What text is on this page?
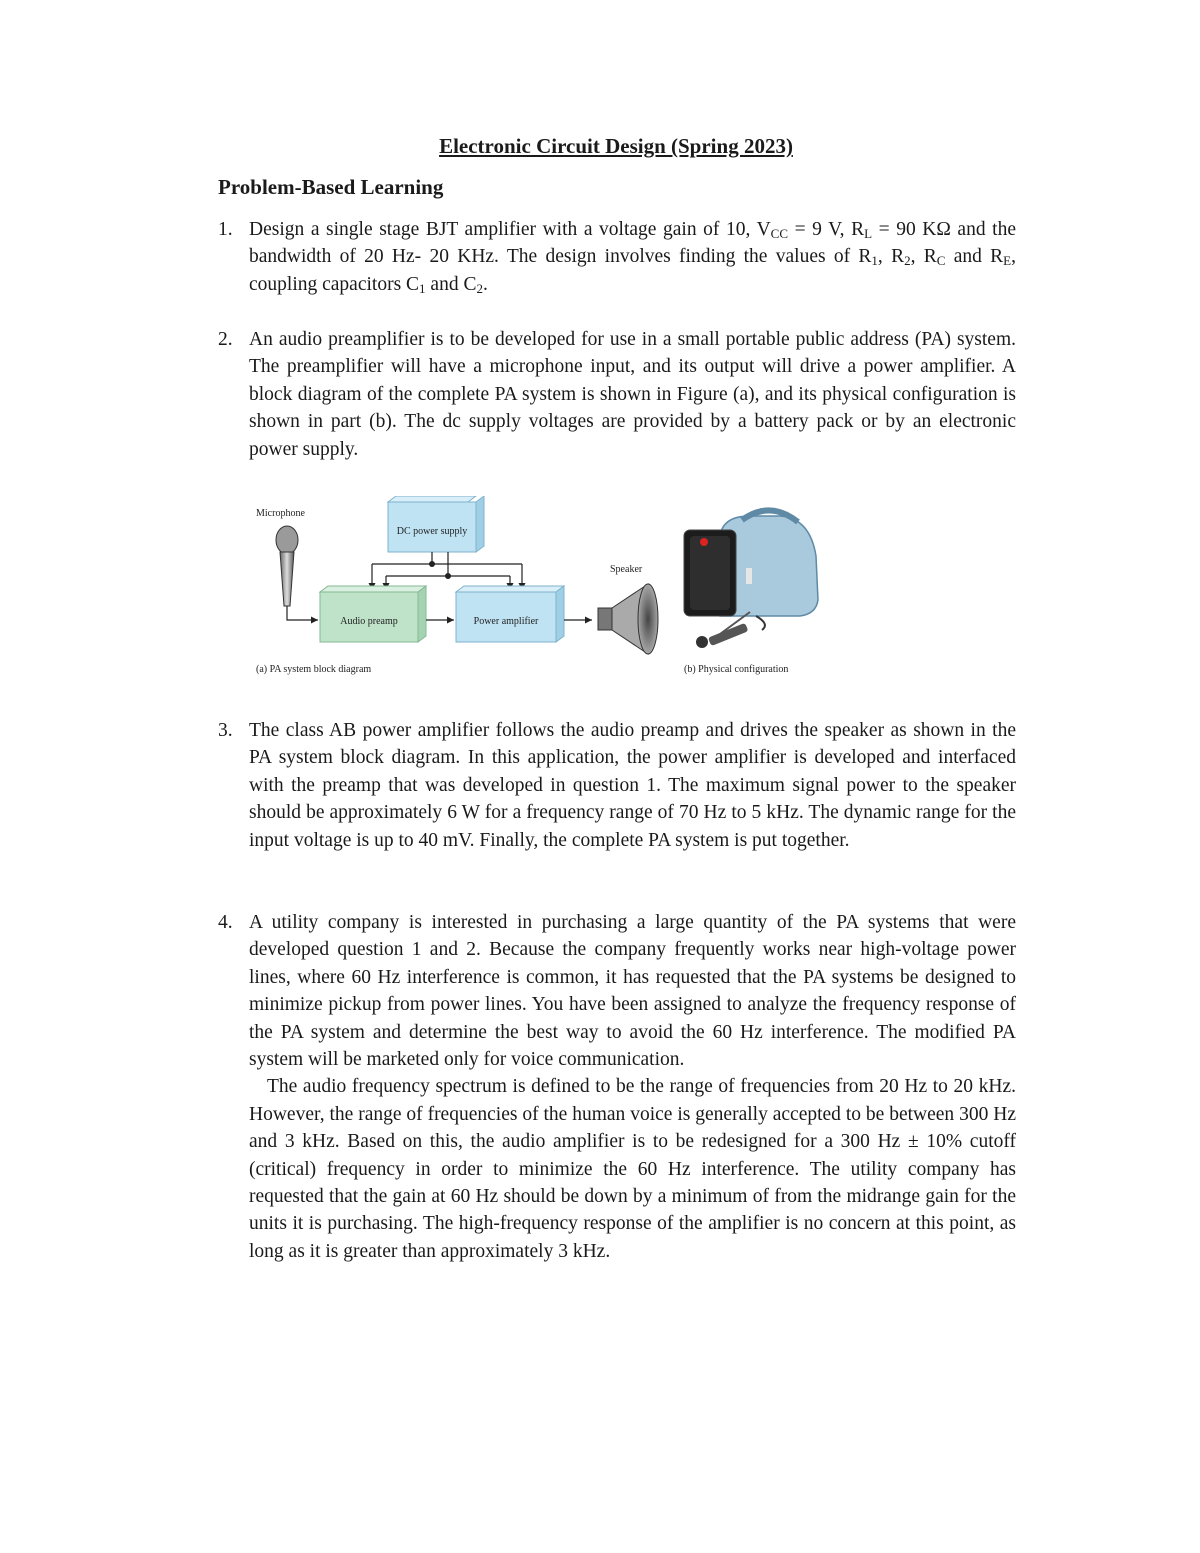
Electronic Circuit Design (Spring 2023)
Problem-Based Learning
1. Design a single stage BJT amplifier with a voltage gain of 10, $V_{CC} = 9$ V, $R_L = 90$ KΩ and the bandwidth of 20 Hz- 20 KHz. The design involves finding the values of $R_1$, $R_2$, $R_C$ and $R_E$, coupling capacitors $C_1$ and $C_2$.

2. An audio preamplifier is to be developed for use in a small portable public address (PA) system. The preamplifier will have a microphone input, and its output will drive a power amplifier. A block diagram of the complete PA system is shown in Figure (a), and its physical configuration is shown in part (b). The dc supply voltages are provided by a battery pack or by an electronic power supply.

Microphone
DC power supply
Audio preamp	Power amplifier
Speaker
(a) PA system block diagram	(b) Physical configuration
3. The class AB power amplifier follows the audio preamp and drives the speaker as shown in the PA system block diagram. In this application, the power amplifier is developed and interfaced with the preamp that was developed in question 1. The maximum signal power to the speaker should be approximately 6 W for a frequency range of 70 Hz to 5 kHz. The dynamic range for the input voltage is up to 40 mV. Finally, the complete PA system is put together.

4. A utility company is interested in purchasing a large quantity of the PA systems that were developed question 1 and 2. Because the company frequently works near high-voltage power lines, where 60 Hz interference is common, it has requested that the PA systems be designed to minimize pickup from power lines. You have been assigned to analyze the frequency response of the PA system and determine the best way to avoid the 60 Hz interference. The modified PA system will be marketed only for voice communication.

The audio frequency spectrum is defined to be the range of frequencies from 20 Hz to 20 kHz. However, the range of frequencies of the human voice is generally accepted to be between 300 Hz and 3 kHz. Based on this, the audio amplifier is to be redesigned for a 300 Hz ± 10% cutoff (critical) frequency in order to minimize the 60 Hz interference. The utility company has requested that the gain at 60 Hz should be down by a minimum of from the midrange gain for the units it is purchasing. The high-frequency response of the amplifier is no concern at this point, as long as it is greater than approximately 3 kHz.
